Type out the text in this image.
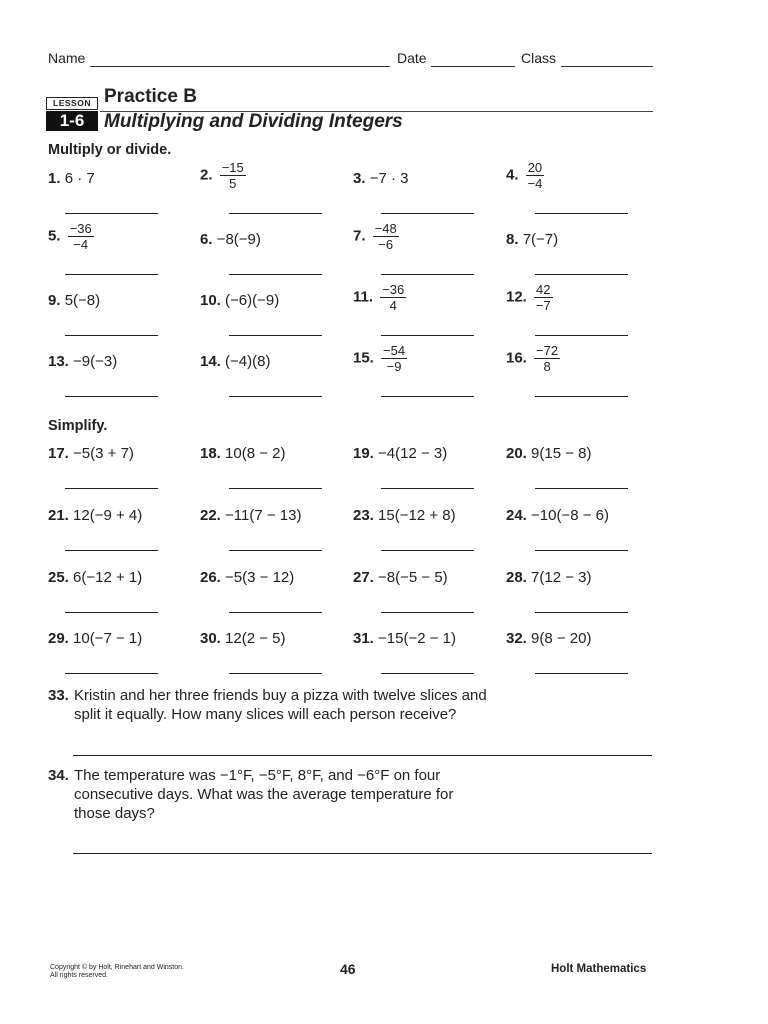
Name	Date	Class
LESSON
1-6
Practice B
Multiplying and Dividing Integers
Multiply or divide.
Simplify.
1. 6 · 7	2. $\frac{-15}{5}$	3. −7 · 3	4. $\frac{20}{-4}$
5. $\frac{-36}{-4}$	6. −8(−9)	7. $\frac{-48}{-6}$	8. 7(−7)
9. 5(−8)	10. (−6)(−9)	11. $\frac{-36}{4}$	12. $\frac{42}{-7}$
13. −9(−3)	14. (−4)(8)	15. $\frac{-54}{-9}$	16. $\frac{-72}{8}$
17. −5(3 + 7)	18. 10(8 − 2)	19. −4(12 − 3)	20. 9(15 − 8)
21. 12(−9 + 4)	22. −11(7 − 13)	23. 15(−12 + 8)	24. −10(−8 − 6)
25. 6(−12 + 1)	26. −5(3 − 12)	27. −8(−5 − 5)	28. 7(12 − 3)
29. 10(−7 − 1)	30. 12(2 − 5)	31. −15(−2 − 1)	32. 9(8 − 20)
33. Kristin and her three friends buy a pizza with twelve slices and
split it equally. How many slices will each person receive?
34. The temperature was −1°F, −5°F, 8°F, and −6°F on four
consecutive days. What was the average temperature for
those days?
Copyright © by Holt, Rinehart and Winston.
All rights reserved.	46	Holt Mathematics
